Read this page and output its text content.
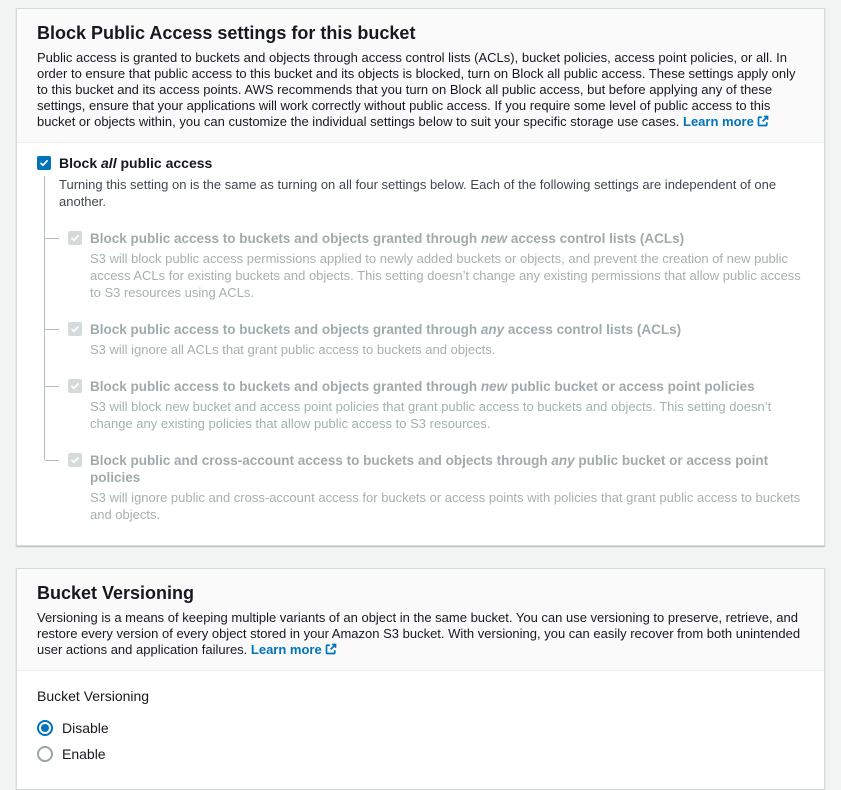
Block Public Access settings for this bucket
Public access is granted to buckets and objects through access control lists (ACLs), bucket policies, access point policies, or all. In order to ensure that public access to this bucket and its objects is blocked, turn on Block all public access. These settings apply only to this bucket and its access points. AWS recommends that you turn on Block all public access, but before applying any of these settings, ensure that your applications will work correctly without public access. If you require some level of public access to this bucket or objects within, you can customize the individual settings below to suit your specific storage use cases. Learn more
Block all public access
Turning this setting on is the same as turning on all four settings below. Each of the following settings are independent of one another.
Block public access to buckets and objects granted through new access control lists (ACLs)
S3 will block public access permissions applied to newly added buckets or objects, and prevent the creation of new public access ACLs for existing buckets and objects. This setting doesn’t change any existing permissions that allow public access to S3 resources using ACLs.
Block public access to buckets and objects granted through any access control lists (ACLs)
S3 will ignore all ACLs that grant public access to buckets and objects.
Block public access to buckets and objects granted through new public bucket or access point policies
S3 will block new bucket and access point policies that grant public access to buckets and objects. This setting doesn’t change any existing policies that allow public access to S3 resources.
Block public and cross-account access to buckets and objects through any public bucket or access point policies
S3 will ignore public and cross-account access for buckets or access points with policies that grant public access to buckets and objects.
Bucket Versioning
Versioning is a means of keeping multiple variants of an object in the same bucket. You can use versioning to preserve, retrieve, and restore every version of every object stored in your Amazon S3 bucket. With versioning, you can easily recover from both unintended user actions and application failures. Learn more
Bucket Versioning
Disable
Enable
